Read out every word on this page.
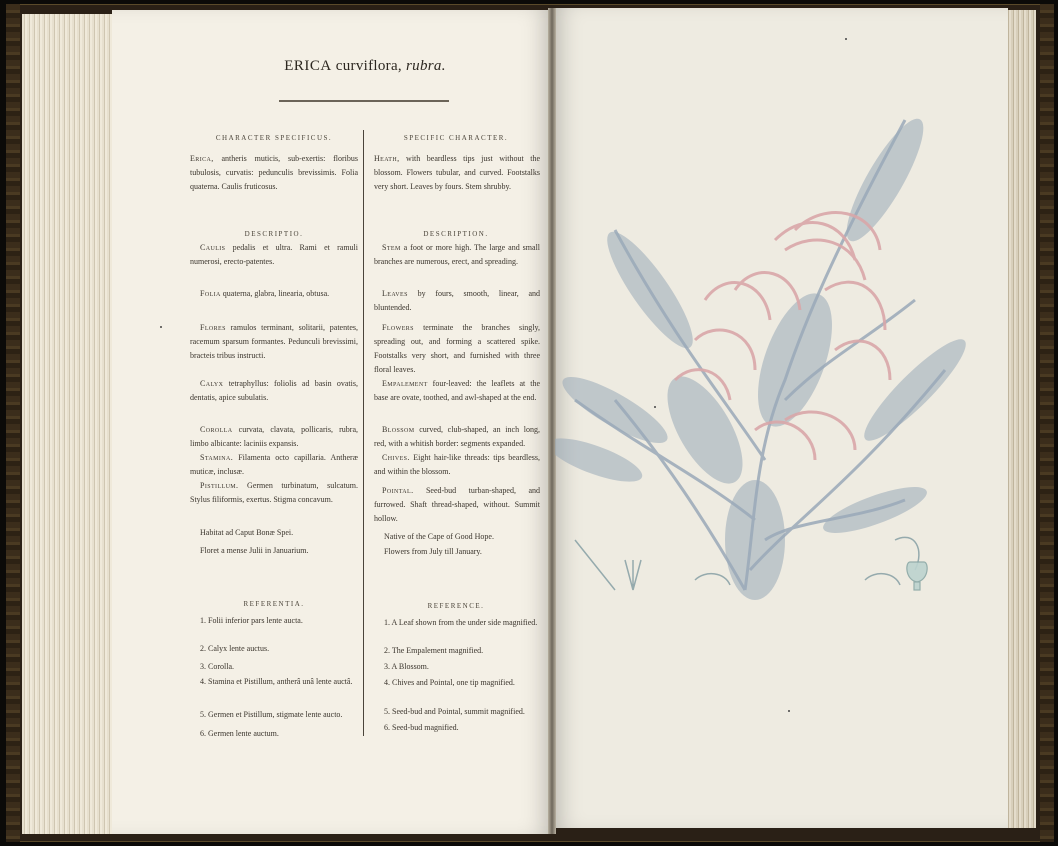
ERICA curviflora, rubra.
CHARACTER SPECIFICUS.
Erica, antheris muticis, sub-exertis: floribus tubulosis, curvatis: pedunculis brevissimis. Folia quaterna. Caulis fruticosus.
DESCRIPTIO.
Caulis pedalis et ultra. Rami et ramuli numerosi, erecto-patentes.
Folia quaterna, glabra, linearia, obtusa.
Flores ramulos terminant, solitarii, patentes, racemum sparsum formantes. Pedunculi brevissimi, bracteis tribus instructi.
Calyx tetraphyllus: foliolis ad basin ovatis, dentatis, apice subulatis.
Corolla curvata, clavata, pollicaris, rubra, limbo albicante: laciniis expansis.
Stamina. Filamenta octo capillaria. Antheræ muticæ, inclusæ.
Pistillum. Germen turbinatum, sulcatum. Stylus filiformis, exertus. Stigma concavum.
Habitat ad Caput Bonæ Spei.
Floret a mense Julii in Januarium.
REFERENTIA.
1. Folii inferior pars lente aucta.
2. Calyx lente auctus.
3. Corolla.
4. Stamina et Pistillum, antherâ unâ lente auctâ.
5. Germen et Pistillum, stigmate lente aucto.
6. Germen lente auctum.
SPECIFIC CHARACTER.
Heath, with beardless tips just without the blossom. Flowers tubular, and curved. Footstalks very short. Leaves by fours. Stem shrubby.
DESCRIPTION.
Stem a foot or more high. The large and small branches are numerous, erect, and spreading.
Leaves by fours, smooth, linear, and bluntended.
Flowers terminate the branches singly, spreading out, and forming a scattered spike. Footstalks very short, and furnished with three floral leaves.
Empalement four-leaved: the leaflets at the base are ovate, toothed, and awl-shaped at the end.
Blossom curved, club-shaped, an inch long, red, with a whitish border: segments expanded.
Chives. Eight hair-like threads: tips beardless, and within the blossom.
Pointal. Seed-bud turban-shaped, and furrowed. Shaft thread-shaped, without. Summit hollow.
Native of the Cape of Good Hope.
Flowers from July till January.
REFERENCE.
1. A Leaf shown from the under side magnified.
2. The Empalement magnified.
3. A Blossom.
4. Chives and Pointal, one tip magnified.
5. Seed-bud and Pointal, summit magnified.
6. Seed-bud magnified.
